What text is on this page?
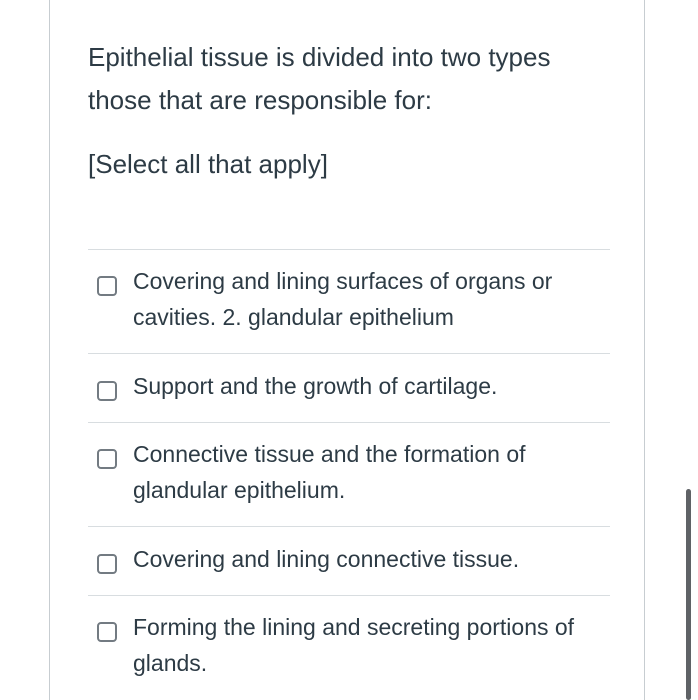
Epithelial tissue is divided into two types those that are responsible for:

[Select all that apply]

Covering and lining surfaces of organs or cavities. 2. glandular epithelium
Support and the growth of cartilage.
Connective tissue and the formation of glandular epithelium.
Covering and lining connective tissue.
Forming the lining and secreting portions of glands.
